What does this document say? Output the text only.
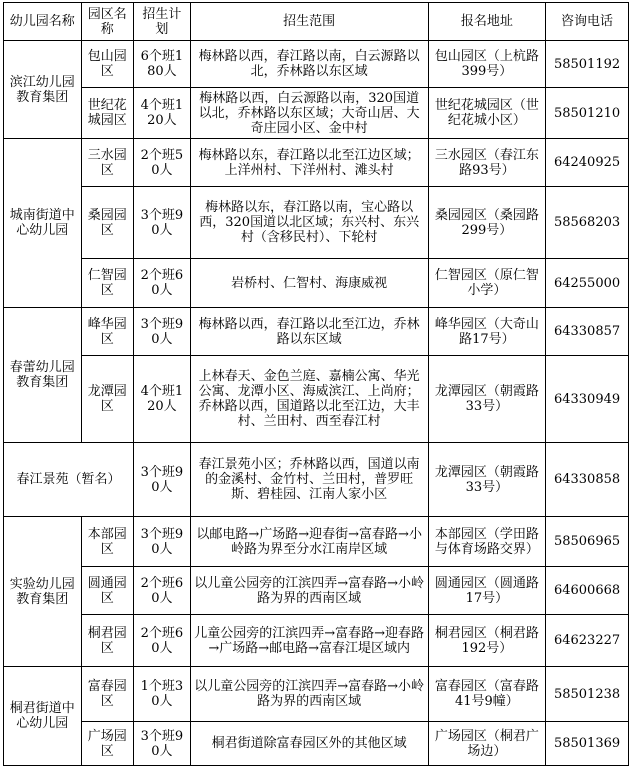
幼儿园名称	园区名称	招生计划	招生范围	报名地址	咨询电话

滨江幼儿园教育集团	包山园区	6个班180人	梅林路以西，春江路以南，白云源路以北，乔林路以东区域	包山园区（上杭路399号）	58501192

	世纪花城园区	4个班120人	梅林路以西，白云源路以南，320国道以北，乔林路以东区域；大奇山居、大奇庄园小区、金中村	世纪花城园区（世纪花城小区）	58501210

城南街道中心幼儿园	三水园区	2个班50人	梅林路以东，春江路以北至江边区域；上洋州村、下洋州村、滩头村	三水园区（春江东路93号）	64240925

	桑园园区	3个班90人	梅林路以东，春江路以南，宝心路以西，320国道以北区域；东兴村、东兴村（含移民村）、下轮村	桑园园区（桑园路299号）	58568203

	仁智园区	2个班60人	岩桥村、仁智村、海康威视	仁智园区（原仁智小学）	64255000

春蕾幼儿园教育集团	峰华园区	3个班90人	梅林路以西，春江路以北至江边，乔林路以东区域	峰华园区（大奇山路17号）	64330857

	龙潭园区	4个班120人	上林春天、金色兰庭、嘉楠公寓、华光公寓、龙潭小区、海威滨江、上尚府；乔林路以西，国道路以北至江边，大丰村、兰田村、西至春江村	龙潭园区（朝霞路33号）	64330949

春江景苑（暂名）		3个班90人	春江景苑小区；乔林路以西，国道以南的金溪村、金竹村、兰田村，普罗旺斯、碧桂园、江南人家小区	龙潭园区（朝霞路33号）	64330858

实验幼儿园教育集团	本部园区	3个班90人	以邮电路→广场路→迎春街→富春路→小岭路为界至分水江南岸区域	本部园区（学田路与体育场路交界）	58506965

	圆通园区	2个班60人	以儿童公园旁的江滨四弄→富春路→小岭路为界的西南区域	圆通园区（圆通路17号）	64600668

	桐君园区	2个班60人	儿童公园旁的江滨四弄→富春路→迎春路→广场路→邮电路→富春江堤区域内	桐君园区（桐君路192号）	64623227

桐君街道中心幼儿园	富春园区	1个班30人	以儿童公园旁的江滨四弄→富春路→小岭路为界的西南区域	富春园区（富春路41号9幢）	58501238

	广场园区	3个班90人	桐君街道除富春园区外的其他区域	广场园区（桐君广场边）	58501369
